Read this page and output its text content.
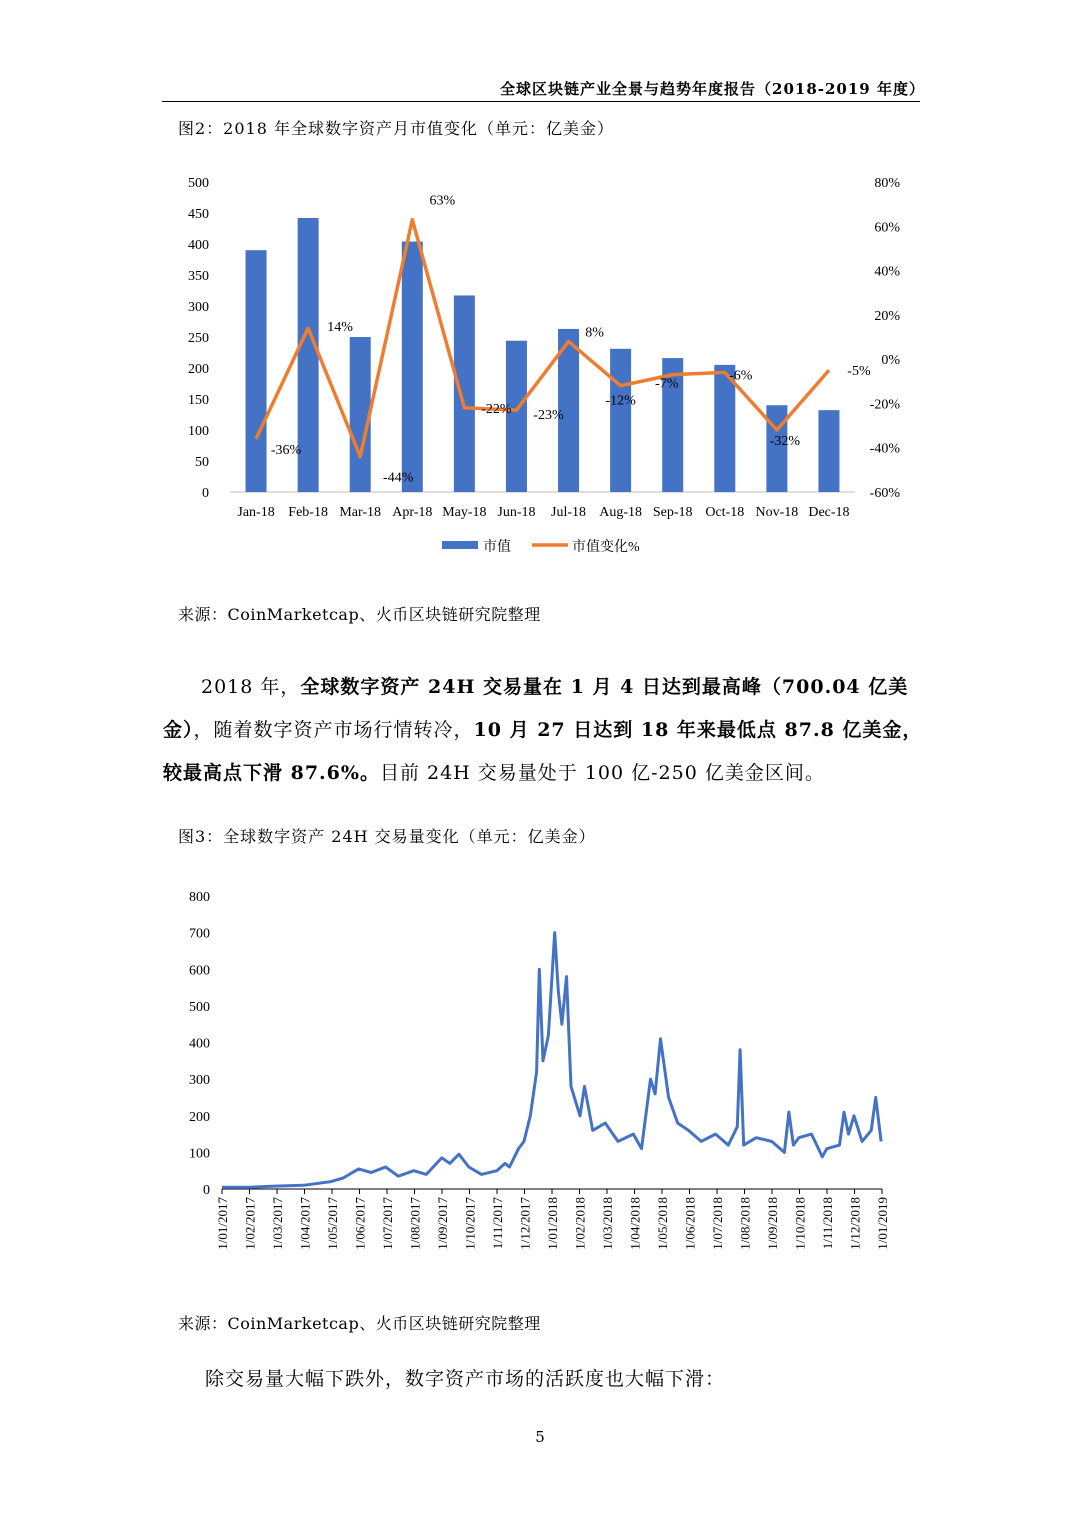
全球区块链产业全景与趋势年度报告（2018-2019 年度）
图2：2018 年全球数字资产月市值变化（单元：亿美金）
0
50
100
150
200
250
300
350
400
450
500
-60%
-40%
-20%
0%
20%
40%
60%
80%
Jan-18 Feb-18 Mar-18 Apr-18 May-18 Jun-18 Jul-18 Aug-18 Sep-18 Oct-18 Nov-18 Dec-18
-36%
14%
-44%
63%
-22% -23%
8%
-12%
-7%
-6%
-32%
-5%
市值	市值变化%
来源：CoinMarketcap、火币区块链研究院整理
2018 年，全球数字资产 24H 交易量在 1 月 4 日达到最高峰（700.04 亿美金），随着数字资产市场行情转冷，10 月 27 日达到 18 年来最低点 87.8 亿美金，较最高点下滑 87.6%。目前 24H 交易量处于 100 亿-250 亿美金区间。
图3：全球数字资产 24H 交易量变化（单元：亿美金）
0
100
200
300
400
500
600
700
800
1/01/2017 1/02/2017 1/03/2017 1/04/2017 1/05/2017 1/06/2017 1/07/2017 1/08/2017 1/09/2017 1/10/2017 1/11/2017 1/12/2017 1/01/2018 1/02/2018 1/03/2018 1/04/2018 1/05/2018 1/06/2018 1/07/2018 1/08/2018 1/09/2018 1/10/2018 1/11/2018 1/12/2018 1/01/2019
来源：CoinMarketcap、火币区块链研究院整理
除交易量大幅下跌外，数字资产市场的活跃度也大幅下滑：
5
